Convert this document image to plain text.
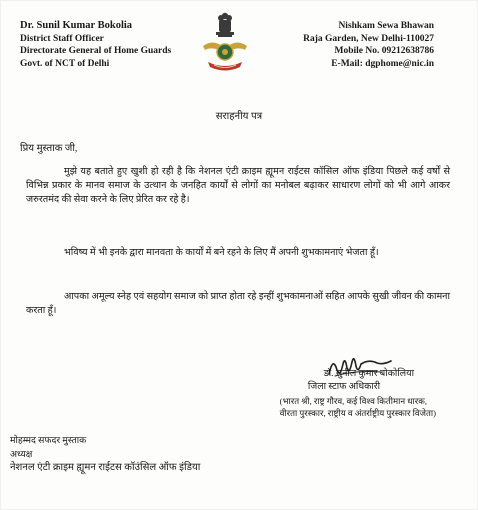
Dr. Sunil Kumar Bokolia
District Staff Officer
Directorate General of Home Guards
Govt. of NCT of Delhi
Nishkam Sewa Bhawan
Raja Garden, New Delhi-110027
Mobile No. 09212638786
E-Mail: dgphome@nic.in
सराहनीय पत्र
प्रिय मुस्ताक जी,
मुझे यह बताते हुए खुशी हो रही है कि नेशनल एंटी क्राइम ह्यूमन राईटस कॉसिल ऑफ इंडिया पिछले कई वर्षों से विभिन्न प्रकार के मानव समाज के उत्थान के जनहित कार्यों से लोगों का मनोबल बढ़ाकर साधारण लोगों को भी आगे आकर जरुरतमंद की सेवा करने के लिए प्रेरित कर रहे है।
भविष्य में भी इनके द्वारा मानवता के कार्यों में बने रहने के लिए मैं अपनी शुभकामनाएं भेजता हूँ।
आपका अमूल्य स्नेह एवं सहयोग समाज को प्राप्त होता रहे इन्हीं शुभकामनाओं सहित आपके सुखी जीवन की कामना करता हूँ।
डॉ. सुनील कुमार बोकोलिया
जिला स्टाफ अधिकारी
(भारत श्री, राष्ट्र गौरव, कई विश्व कितीमान धारक,
वीरता पुरस्कार, राष्ट्रीय व अंतर्राष्ट्रीय पुरस्कार विजेता)
मोहम्मद सफदर मुस्ताक
अध्यक्ष
नेशनल एंटी क्राइम ह्यूमन राईटस कॉउंसिल ऑफ इंडिया
